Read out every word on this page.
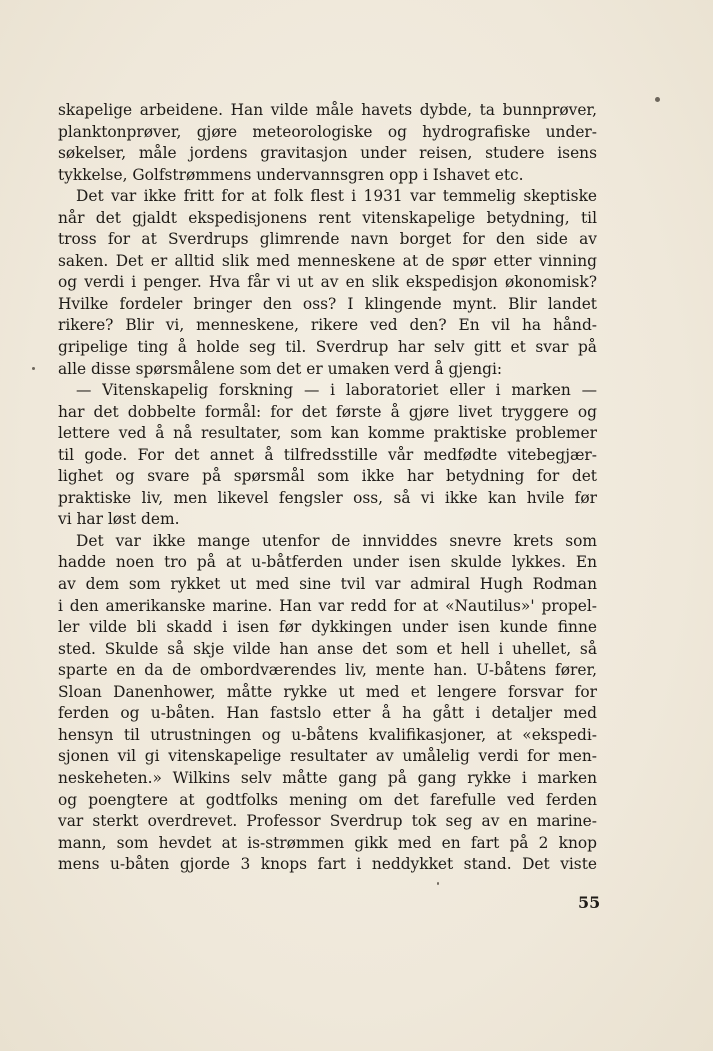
skapelige arbeidene. Han vilde måle havets dybde, ta bunnprøver,
planktonprøver, gjøre meteorologiske og hydrografiske under-
søkelser, måle jordens gravitasjon under reisen, studere isens
tykkelse, Golfstrømmens undervannsgren opp i Ishavet etc.
Det var ikke fritt for at folk flest i 1931 var temmelig skeptiske
når det gjaldt ekspedisjonens rent vitenskapelige betydning, til
tross for at Sverdrups glimrende navn borget for den side av
saken. Det er alltid slik med menneskene at de spør etter vinning
og verdi i penger. Hva får vi ut av en slik ekspedisjon økonomisk?
Hvilke fordeler bringer den oss? I klingende mynt. Blir landet
rikere? Blir vi, menneskene, rikere ved den? En vil ha hånd-
gripelige ting å holde seg til. Sverdrup har selv gitt et svar på
alle disse spørsmålene som det er umaken verd å gjengi:
— Vitenskapelig forskning — i laboratoriet eller i marken —
har det dobbelte formål: for det første å gjøre livet tryggere og
lettere ved å nå resultater, som kan komme praktiske problemer
til gode. For det annet å tilfredsstille vår medfødte vitebegjær-
lighet og svare på spørsmål som ikke har betydning for det
praktiske liv, men likevel fengsler oss, så vi ikke kan hvile før
vi har løst dem.
Det var ikke mange utenfor de innviddes snevre krets som
hadde noen tro på at u-båtferden under isen skulde lykkes. En
av dem som rykket ut med sine tvil var admiral Hugh Rodman
i den amerikanske marine. Han var redd for at «Nautilus»' propel-
ler vilde bli skadd i isen før dykkingen under isen kunde finne
sted. Skulde så skje vilde han anse det som et hell i uhellet, så
sparte en da de ombordværendes liv, mente han. U-båtens fører,
Sloan Danenhower, måtte rykke ut med et lengere forsvar for
ferden og u-båten. Han fastslo etter å ha gått i detaljer med
hensyn til utrustningen og u-båtens kvalifikasjoner, at «ekspedi-
sjonen vil gi vitenskapelige resultater av umålelig verdi for men-
neskeheten.» Wilkins selv måtte gang på gang rykke i marken
og poengtere at godtfolks mening om det farefulle ved ferden
var sterkt overdrevet. Professor Sverdrup tok seg av en marine-
mann, som hevdet at is-strømmen gikk med en fart på 2 knop
mens u-båten gjorde 3 knops fart i neddykket stand. Det viste
55
